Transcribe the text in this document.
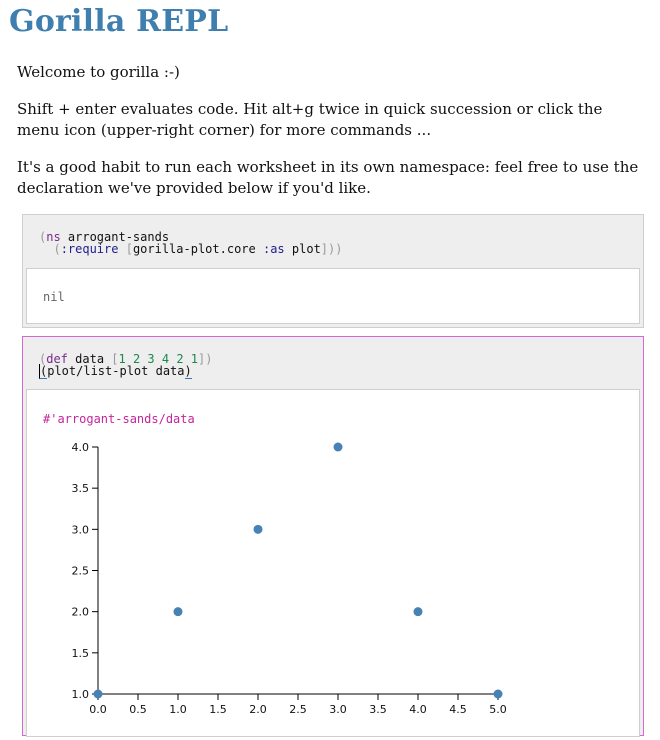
Gorilla REPL

Welcome to gorilla :-)

Shift + enter evaluates code. Hit alt+g twice in quick succession or click the menu icon (upper-right corner) for more commands ...

It's a good habit to run each worksheet in its own namespace: feel free to use the declaration we've provided below if you'd like.

(ns arrogant-sands
(:require [gorilla-plot.core :as plot]))
nil
(def data [1 2 3 4 2 1])
(plot/list-plot data)
#'arrogant-sands/data
1.0
1.5
2.0
2.5
3.0
3.5
4.0
0.0 0.5 1.0 1.5 2.0 2.5 3.0 3.5 4.0 4.5 5.0
